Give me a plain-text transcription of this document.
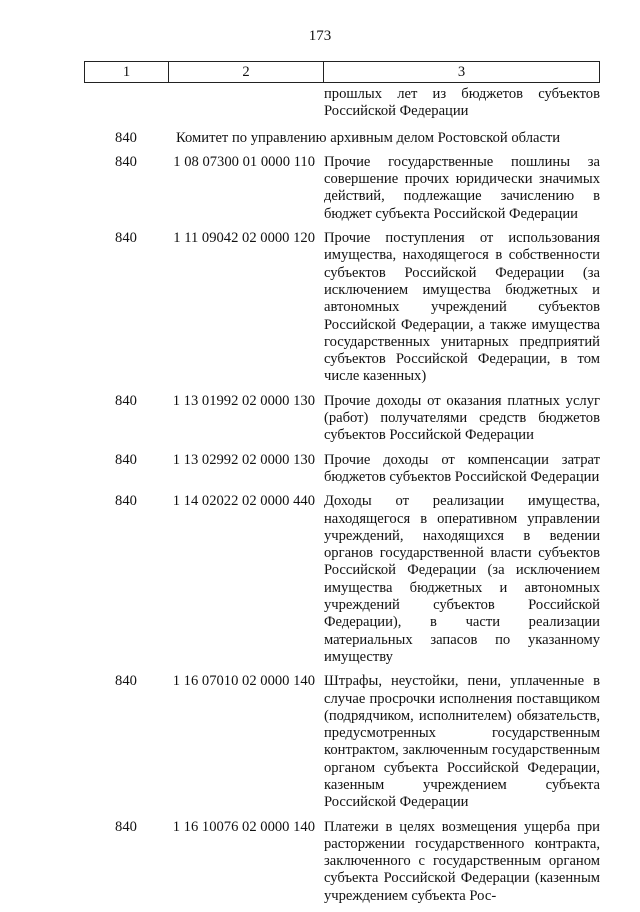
173
1	2	3
прошлых лет из бюджетов субъектов Российской Федерации
840	Комитет по управлению архивным делом Ростовской области
840	1 08 07300 01 0000 110 Прочие государственные пошлины за совершение прочих юридически значимых действий, подлежащие зачислению в бюджет субъекта Российской Федерации
840	1 11 09042 02 0000 120 Прочие поступления от использования имущества, находящегося в собственности субъектов Российской Федерации (за исключением имущества бюджетных и автономных учреждений субъектов Российской Федерации, а также имущества государственных унитарных предприятий субъектов Российской Федерации, в том числе казенных)
840	1 13 01992 02 0000 130 Прочие доходы от оказания платных услуг (работ) получателями средств бюджетов субъектов Российской Федерации
840	1 13 02992 02 0000 130 Прочие доходы от компенсации затрат бюджетов субъектов Российской Федерации
840	1 14 02022 02 0000 440 Доходы от реализации имущества, находящегося в оперативном управлении учреждений, находящихся в ведении органов государственной власти субъектов Российской Федерации (за исключением имущества бюджетных и автономных учреждений субъектов Российской Федерации), в части реализации материальных запасов по указанному имуществу
840	1 16 07010 02 0000 140 Штрафы, неустойки, пени, уплаченные в случае просрочки исполнения поставщиком (подрядчиком, исполнителем) обязательств, предусмотренных государственным контрактом, заключенным государственным органом субъекта Российской Федерации, казенным учреждением субъекта Российской Федерации
840	1 16 10076 02 0000 140 Платежи в целях возмещения ущерба при расторжении государственного контракта, заключенного с государственным органом субъекта Российской Федерации (казенным учреждением субъекта Рос-
